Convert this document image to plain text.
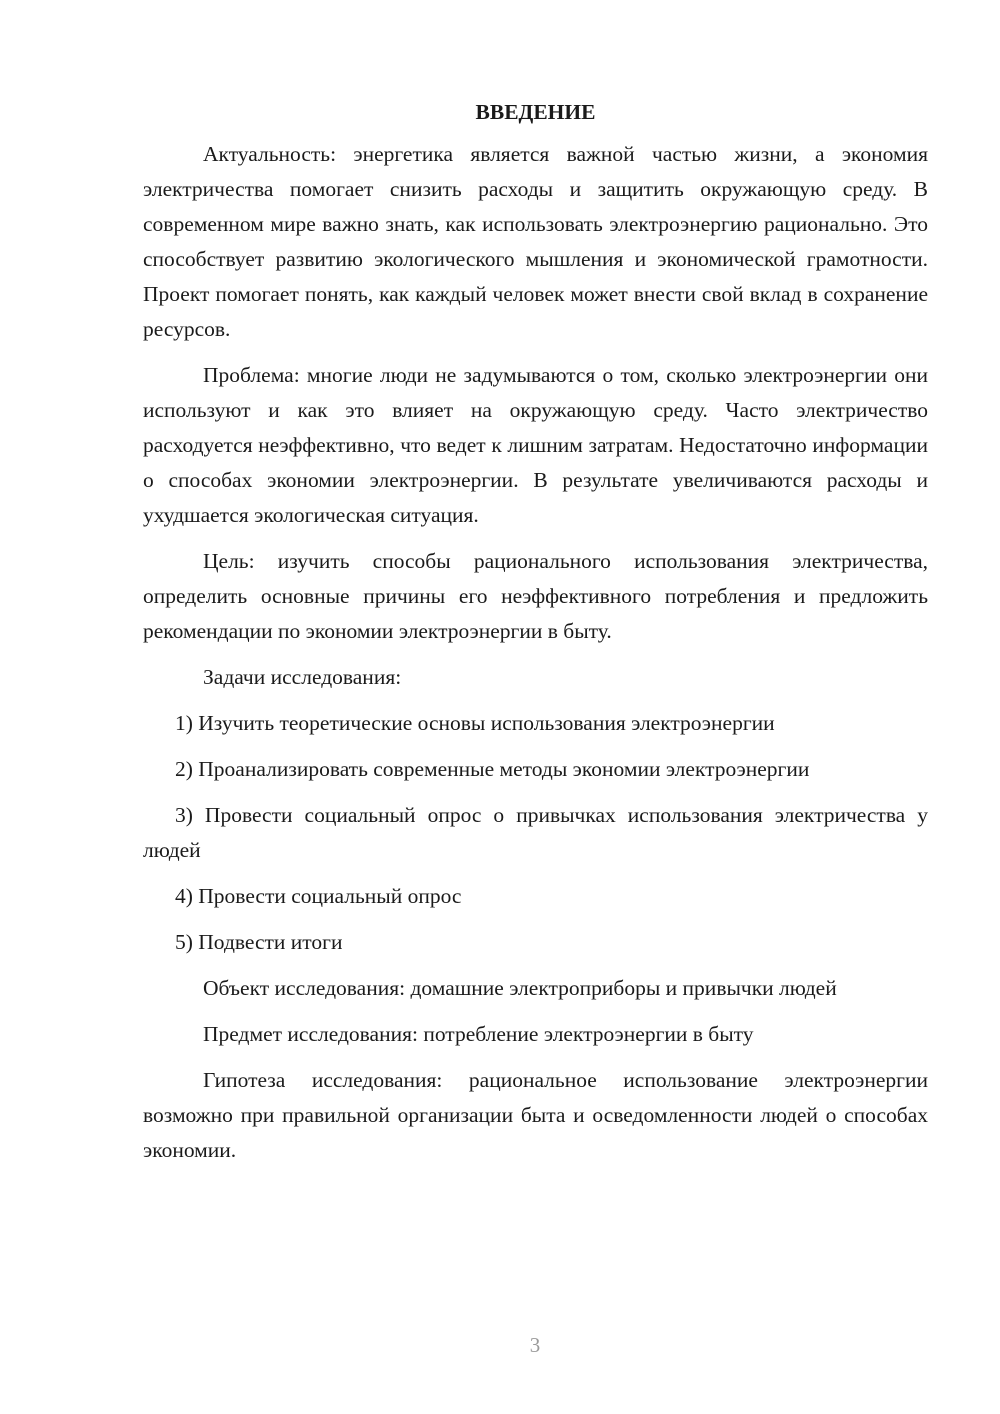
ВВЕДЕНИЕ

Актуальность: энергетика является важной частью жизни, а экономия электричества помогает снизить расходы и защитить окружающую среду. В современном мире важно знать, как использовать электроэнергию рационально. Это способствует развитию экологического мышления и экономической грамотности. Проект помогает понять, как каждый человек может внести свой вклад в сохранение ресурсов.

Проблема: многие люди не задумываются о том, сколько электроэнергии они используют и как это влияет на окружающую среду. Часто электричество расходуется неэффективно, что ведет к лишним затратам. Недостаточно информации о способах экономии электроэнергии. В результате увеличиваются расходы и ухудшается экологическая ситуация.

Цель: изучить способы рационального использования электричества, определить основные причины его неэффективного потребления и предложить рекомендации по экономии электроэнергии в быту.

Задачи исследования:

1) Изучить теоретические основы использования электроэнергии

2) Проанализировать современные методы экономии электроэнергии

3) Провести социальный опрос о привычках использования электричества у людей

4) Провести социальный опрос

5) Подвести итоги

Объект исследования: домашние электроприборы и привычки людей

Предмет исследования: потребление электроэнергии в быту

Гипотеза исследования: рациональное использование электроэнергии возможно при правильной организации быта и осведомленности людей о способах экономии.

3
